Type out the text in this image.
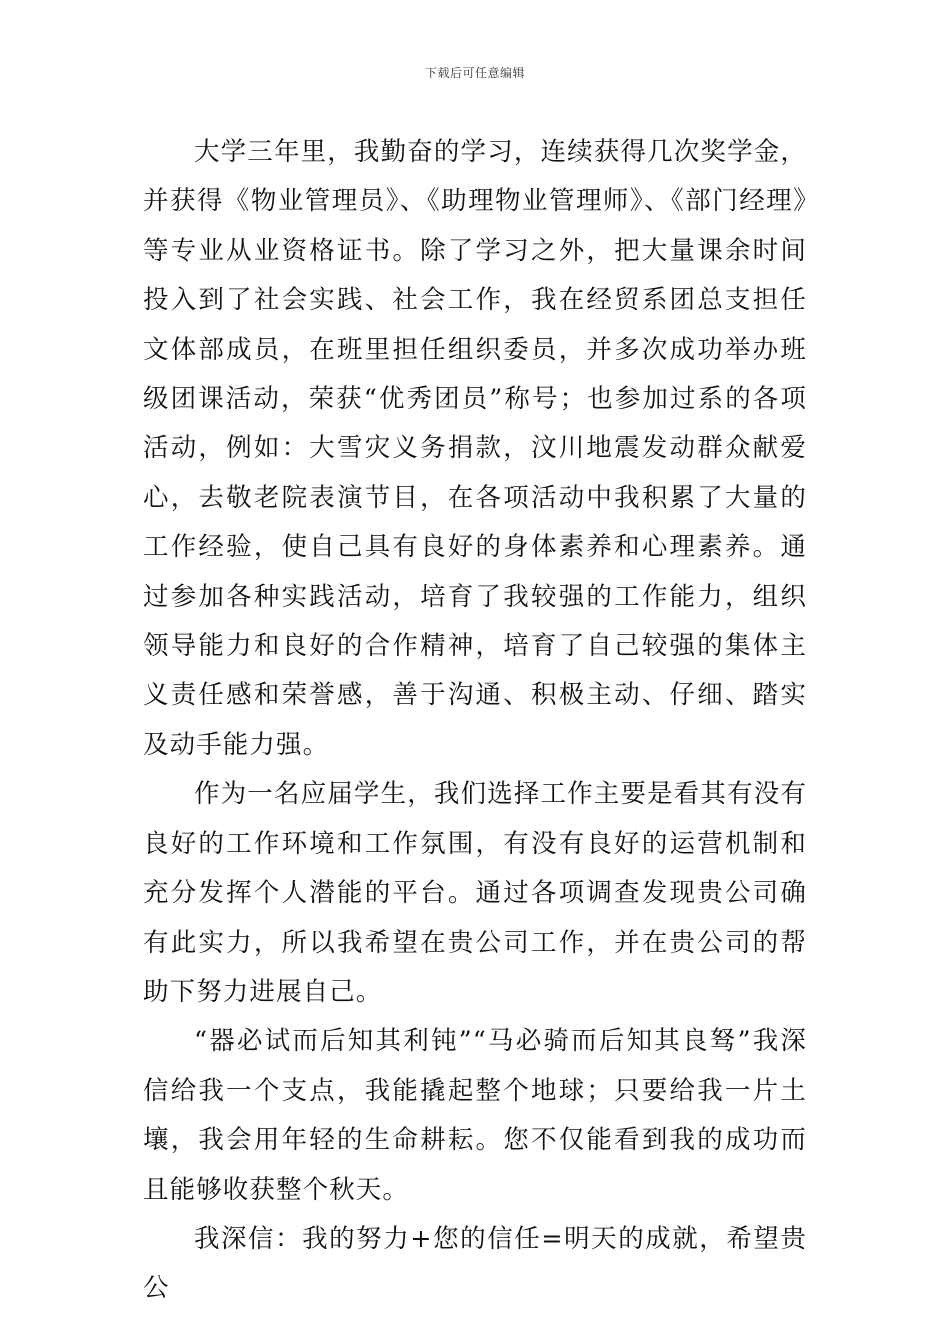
下载后可任意编辑

大学三年里，我勤奋的学习，连续获得几次奖学金，并获得《物业管理员》、《助理物业管理师》、《部门经理》等专业从业资格证书。除了学习之外，把大量课余时间投入到了社会实践、社会工作，我在经贸系团总支担任文体部成员，在班里担任组织委员，并多次成功举办班级团课活动，荣获“优秀团员”称号；也参加过系的各项活动，例如：大雪灾义务捐款，汶川地震发动群众献爱心，去敬老院表演节目，在各项活动中我积累了大量的工作经验，使自己具有良好的身体素养和心理素养。通过参加各种实践活动，培育了我较强的工作能力，组织领导能力和良好的合作精神，培育了自己较强的集体主义责任感和荣誉感，善于沟通、积极主动、仔细、踏实及动手能力强。

作为一名应届学生，我们选择工作主要是看其有没有良好的工作环境和工作氛围，有没有良好的运营机制和充分发挥个人潜能的平台。通过各项调查发现贵公司确有此实力，所以我希望在贵公司工作，并在贵公司的帮助下努力进展自己。

“器必试而后知其利钝”“马必骑而后知其良驽”我深信给我一个支点，我能撬起整个地球；只要给我一片土壤，我会用年轻的生命耕耘。您不仅能看到我的成功而且能够收获整个秋天。

我深信：我的努力+您的信任=明天的成就，希望贵公
